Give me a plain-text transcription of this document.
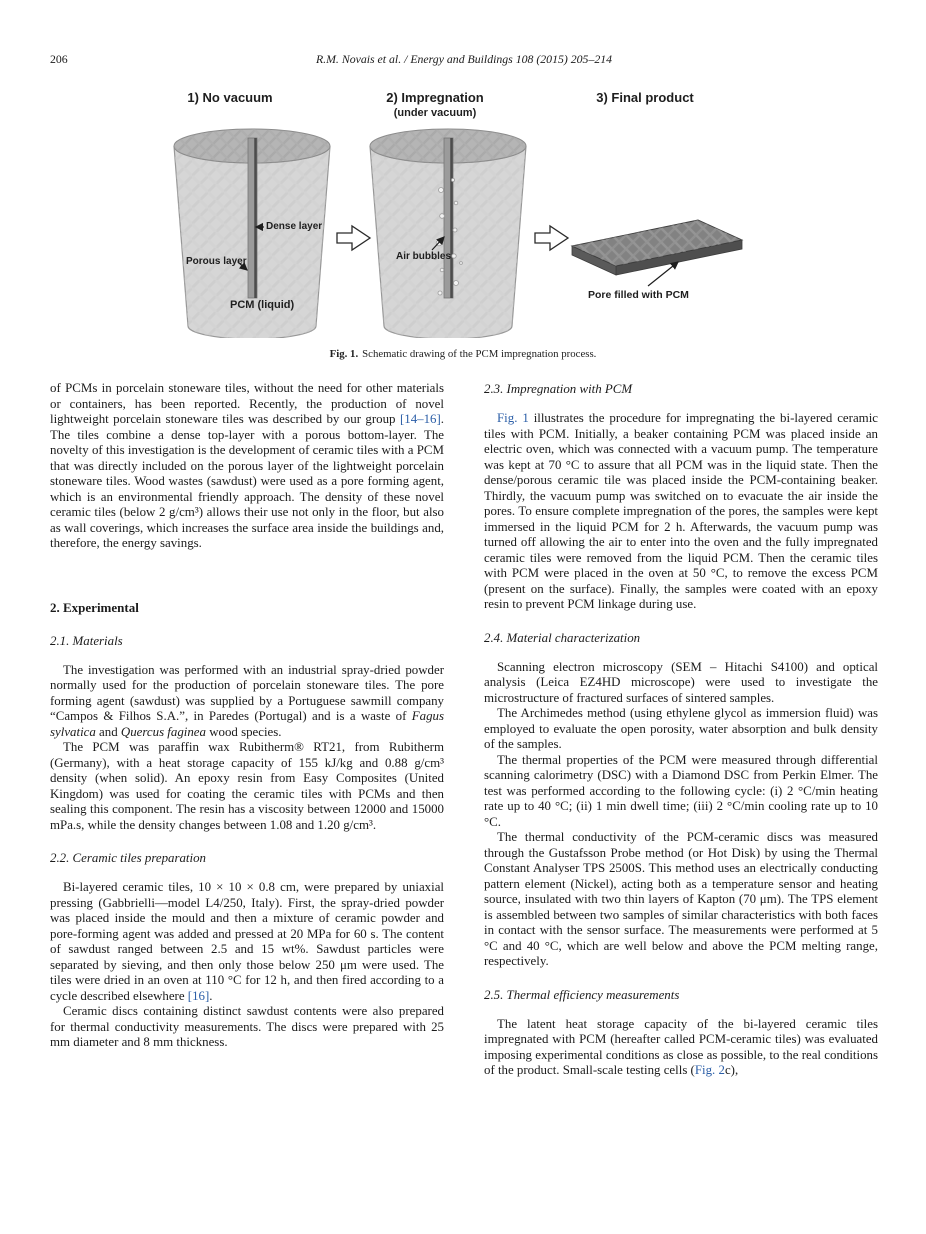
206	R.M. Novais et al. / Energy and Buildings 108 (2015) 205–214
1) No vacuum	2) Impregnation
(under vacuum)
3) Final product
Dense layer
Porous layer
PCM (liquid)
Air bubbles
Pore filled with PCM
Fig. 1. Schematic drawing of the PCM impregnation process.

of PCMs in porcelain stoneware tiles, without the need for other materials or containers, has been reported. Recently, the production of novel lightweight porcelain stoneware tiles was described by our group [14–16]. The tiles combine a dense top-layer with a porous bottom-layer. The novelty of this investigation is the development of ceramic tiles with a PCM that was directly included on the porous layer of the lightweight porcelain stoneware tiles. Wood wastes (sawdust) were used as a pore forming agent, which is an environmental friendly approach. The density of these novel ceramic tiles (below 2 g/cm³) allows their use not only in the floor, but also as wall coverings, which increases the surface area inside the buildings and, therefore, the energy savings.

2. Experimental
2.1. Materials

The investigation was performed with an industrial spray-dried powder normally used for the production of porcelain stoneware tiles. The pore forming agent (sawdust) was supplied by a Portuguese sawmill company “Campos & Filhos S.A.”, in Paredes (Portugal) and is a waste of Fagus sylvatica and Quercus faginea wood species.

The PCM was paraffin wax Rubitherm® RT21, from Rubitherm (Germany), with a heat storage capacity of 155 kJ/kg and 0.88 g/cm³ density (when solid). An epoxy resin from Easy Composites (United Kingdom) was used for coating the ceramic tiles with PCMs and then sealing this component. The resin has a viscosity between 12000 and 15000 mPa.s, while the density changes between 1.08 and 1.20 g/cm³.

2.2. Ceramic tiles preparation

Bi-layered ceramic tiles, 10 × 10 × 0.8 cm, were prepared by uniaxial pressing (Gabbrielli—model L4/250, Italy). First, the spray-dried powder was placed inside the mould and then a mixture of ceramic powder and pore-forming agent was added and pressed at 20 MPa for 60 s. The content of sawdust ranged between 2.5 and 15 wt%. Sawdust particles were separated by sieving, and then only those below 250 μm were used. The tiles were dried in an oven at 110 °C for 12 h, and then fired according to a cycle described elsewhere [16].

Ceramic discs containing distinct sawdust contents were also prepared for thermal conductivity measurements. The discs were prepared with 25 mm diameter and 8 mm thickness.

2.3. Impregnation with PCM

Fig. 1 illustrates the procedure for impregnating the bi-layered ceramic tiles with PCM. Initially, a beaker containing PCM was placed inside an electric oven, which was connected with a vacuum pump. The temperature was kept at 70 °C to assure that all PCM was in the liquid state. Then the dense/porous ceramic tile was placed inside the PCM-containing beaker. Thirdly, the vacuum pump was switched on to evacuate the air inside the pores. To ensure complete impregnation of the pores, the samples were kept immersed in the liquid PCM for 2 h. Afterwards, the vacuum pump was turned off allowing the air to enter into the oven and the fully impregnated ceramic tiles were removed from the liquid PCM. Then the ceramic tiles with PCM were placed in the oven at 50 °C, to remove the excess PCM (present on the surface). Finally, the samples were coated with an epoxy resin to prevent PCM linkage during use.

2.4. Material characterization

Scanning electron microscopy (SEM – Hitachi S4100) and optical analysis (Leica EZ4HD microscope) were used to investigate the microstructure of fractured surfaces of sintered samples.

The Archimedes method (using ethylene glycol as immersion fluid) was employed to evaluate the open porosity, water absorption and bulk density of the samples.

The thermal properties of the PCM were measured through differential scanning calorimetry (DSC) with a Diamond DSC from Perkin Elmer. The test was performed according to the following cycle: (i) 2 °C/min heating rate up to 40 °C; (ii) 1 min dwell time; (iii) 2 °C/min cooling rate up to 10 °C.

The thermal conductivity of the PCM-ceramic discs was measured through the Gustafsson Probe method (or Hot Disk) by using the Thermal Constant Analyser TPS 2500S. This method uses an electrically conducting pattern element (Nickel), acting both as a temperature sensor and heating source, insulated with two thin layers of Kapton (70 μm). The TPS element is assembled between two samples of similar characteristics with both faces in contact with the sensor surface. The measurements were performed at 5 °C and 40 °C, which are well below and above the PCM melting range, respectively.

2.5. Thermal efficiency measurements

The latent heat storage capacity of the bi-layered ceramic tiles impregnated with PCM (hereafter called PCM-ceramic tiles) was evaluated imposing experimental conditions as close as possible, to the real conditions of the product. Small-scale testing cells (Fig. 2c),
